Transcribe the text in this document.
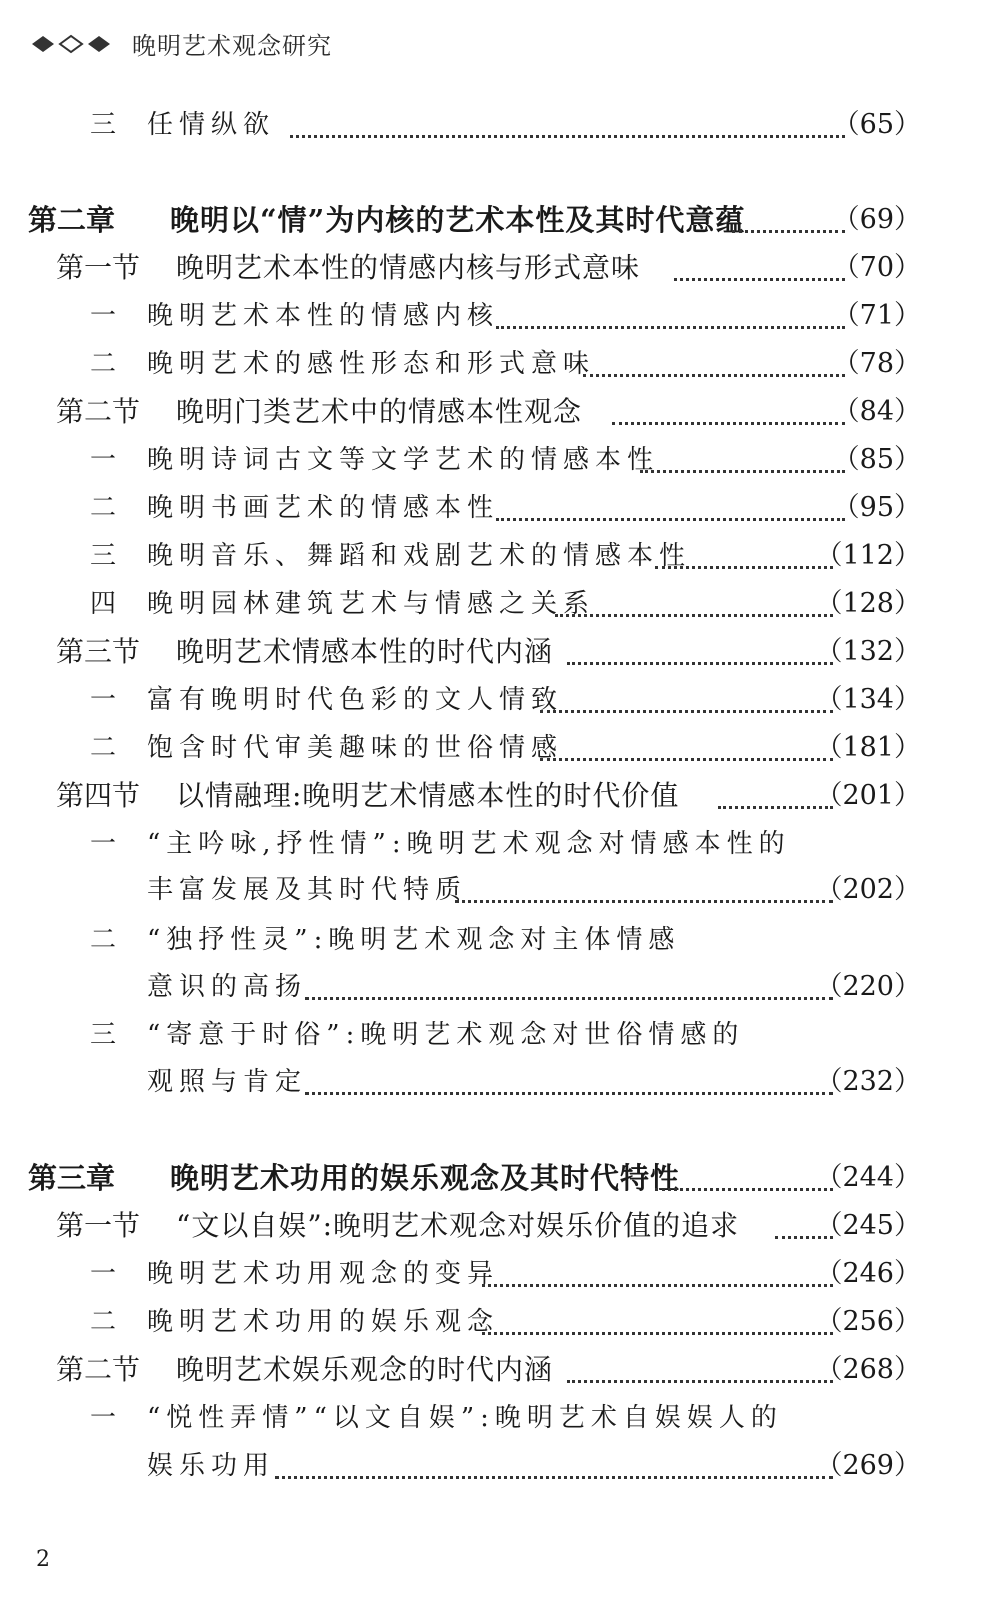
晚明艺术观念研究
三 任情纵欲	（65）
第二章 晚明以“情”为内核的艺术本性及其时代意蕴	（69）
第一节 晚明艺术本性的情感内核与形式意味	（70）
一 晚明艺术本性的情感内核	（71）
二 晚明艺术的感性形态和形式意味	（78）
第二节 晚明门类艺术中的情感本性观念	（84）
一 晚明诗词古文等文学艺术的情感本性	（85）
二 晚明书画艺术的情感本性	（95）
三 晚明音乐、舞蹈和戏剧艺术的情感本性	（112）
四 晚明园林建筑艺术与情感之关系	（128）
第三节 晚明艺术情感本性的时代内涵	（132）
一 富有晚明时代色彩的文人情致	（134）
二 饱含时代审美趣味的世俗情感	（181）
第四节 以情融理:晚明艺术情感本性的时代价值	（201）
一 “主吟咏,抒性情”:晚明艺术观念对情感本性的
丰富发展及其时代特质	（202）
二 “独抒性灵”:晚明艺术观念对主体情感
意识的高扬	（220）
三 “寄意于时俗”:晚明艺术观念对世俗情感的
观照与肯定	（232）
第三章 晚明艺术功用的娱乐观念及其时代特性	（244）
第一节 “文以自娱”:晚明艺术观念对娱乐价值的追求	（245）
一 晚明艺术功用观念的变异	（246）
二 晚明艺术功用的娱乐观念	（256）
第二节 晚明艺术娱乐观念的时代内涵	（268）
一 “悦性弄情”“以文自娱”:晚明艺术自娱娱人的
娱乐功用	（269）
2
